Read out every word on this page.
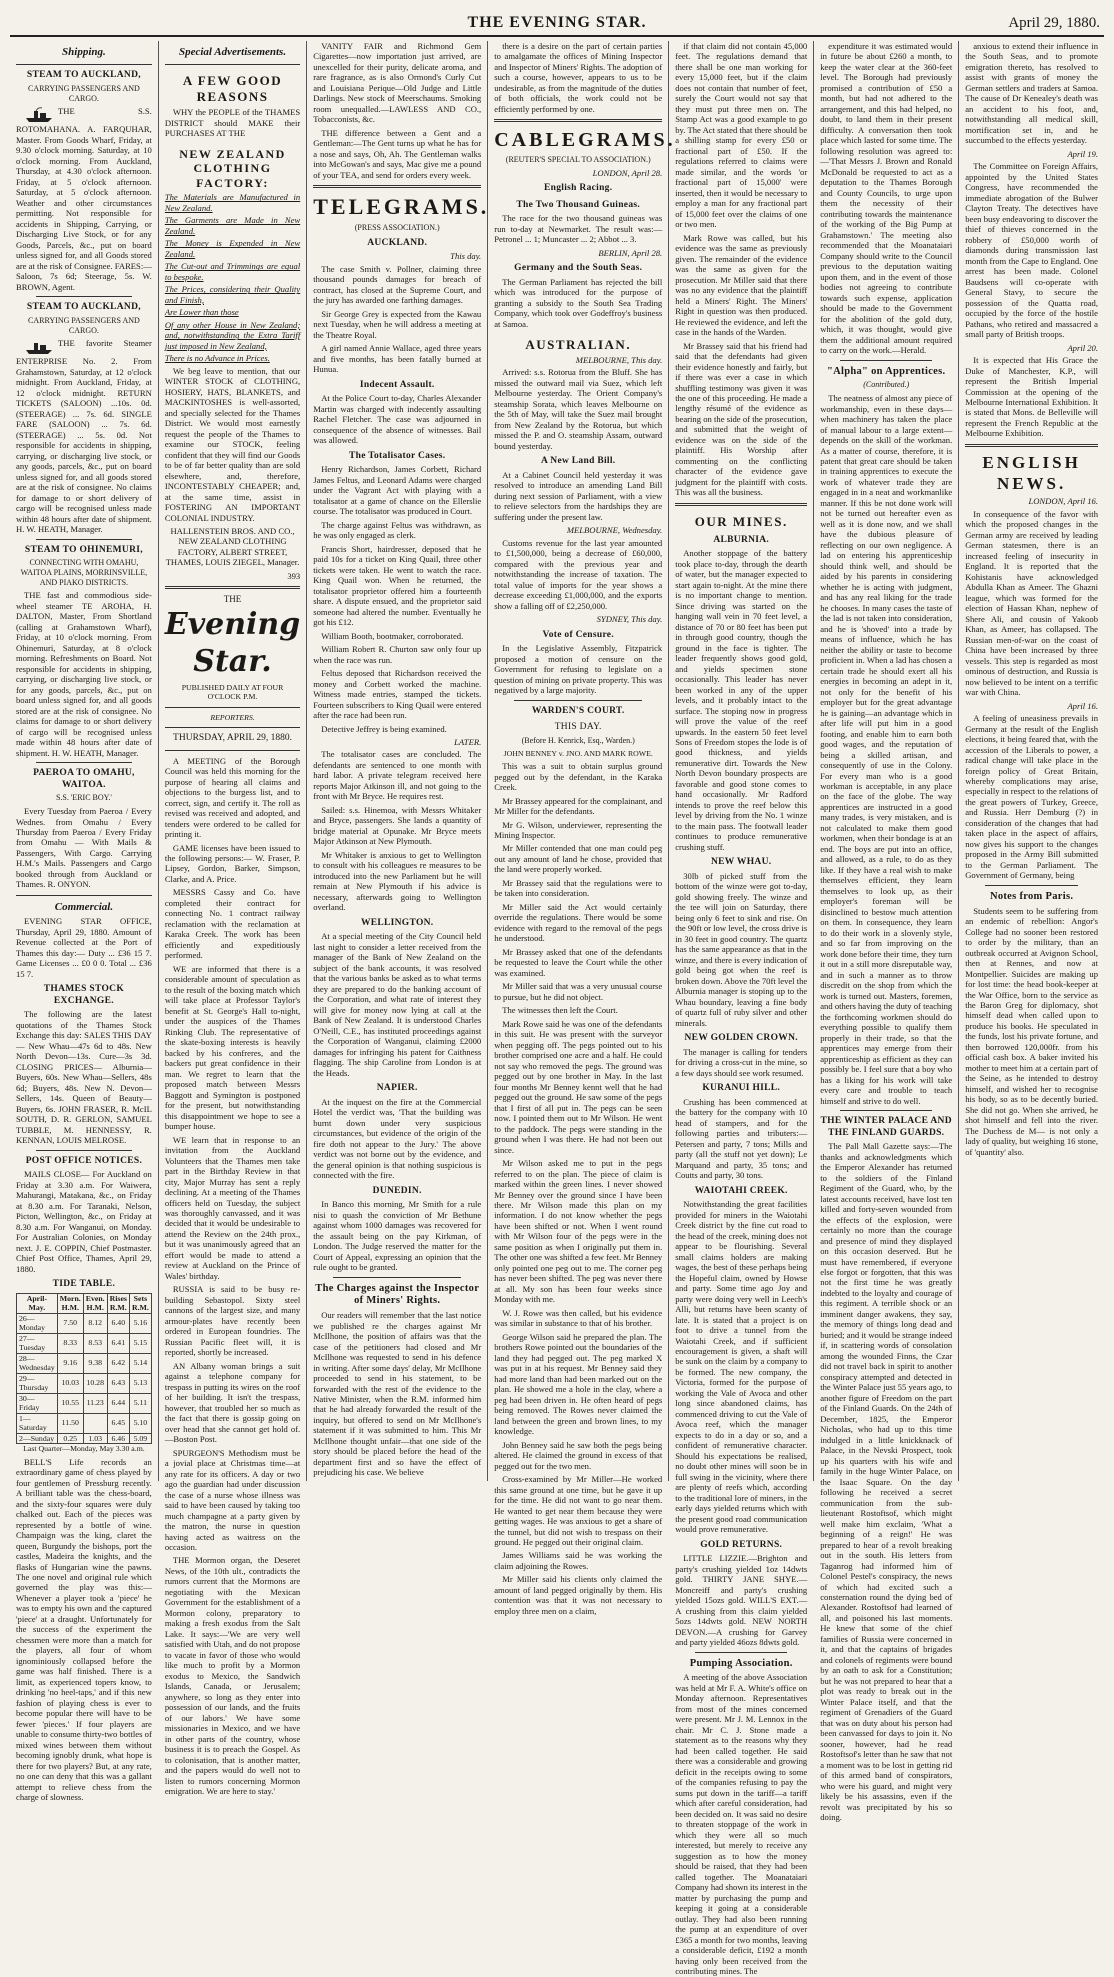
THE EVENING STAR.	April 29, 1880.
Shipping.
STEAM TO AUCKLAND,
CARRYING PASSENGERS AND CARGO.

THE S.S. ROTOMAHANA. A. FARQUHAR, Master. From Goods Wharf, Friday, at 9.30 o'clock morning. Saturday, at 10 o'clock morning. From Auckland, Thursday, at 4.30 o'clock afternoon. Friday, at 5 o'clock afternoon. Saturday, at 5 o'clock afternoon. Weather and other circumstances permitting. Not responsible for accidents in Shipping, Carrying, or Discharging Live Stock, or for any Goods, Parcels, &c., put on board unless signed for, and all Goods stored are at the risk of Consignee. FARES:—Saloon, 7s 6d; Steerage, 5s. W. BROWN, Agent.

STEAM TO AUCKLAND,
CARRYING PASSENGERS AND CARGO.

THE favorite Steamer ENTERPRISE No. 2. From Grahamstown, Saturday, at 12 o'clock midnight. From Auckland, Friday, at 12 o'clock midnight. RETURN TICKETS (SALOON) ...10s. 0d. (STEERAGE) ... 7s. 6d. SINGLE FARE (SALOON) ... 7s. 6d. (STEERAGE) ... 5s. 0d. Not responsible for accidents in shipping, carrying, or discharging live stock, or any goods, parcels, &c., put on board unless signed for, and all goods stored are at the risk of consignee. No claims for damage to or short delivery of cargo will be recognised unless made within 48 hours after date of shipment. H. W. HEATH, Manager.

STEAM TO OHINEMURI,
CONNECTING WITH OMAHU, WAITOA PLAINS, MORRINSVILLE, AND PIAKO DISTRICTS.

THE fast and commodious side-wheel steamer TE AROHA, H. DALTON, Master, From Shortland (calling at Grahamstown Wharf), Friday, at 10 o'clock morning. From Ohinemuri, Saturday, at 8 o'clock morning. Refreshments on Board. Not responsible for accidents in shipping, carrying, or discharging live stock, or for any goods, parcels, &c., put on board unless signed for, and all goods stored are at the risk of consignee. No claims for damage to or short delivery of cargo will be recognised unless made within 48 hours after date of shipment. H. W. HEATH, Manager.

PAEROA TO OMAHU, WAITOA.
S.S. 'ERIC BOY.'

Every Tuesday from Paeroa / Every Wednes. from Omahu / Every Thursday from Paeroa / Every Friday from Omahu — With Mails & Passengers, With Cargo. Carrying H.M.'s Mails. Passengers and Cargo booked through from Auckland or Thames. R. ONYON.

Commercial.

EVENING STAR OFFICE, Thursday, April 29, 1880. Amount of Revenue collected at the Port of Thames this day:— Duty ... £36 15 7. Game Licenses ... £0 0 0. Total ... £36 15 7.

THAMES STOCK EXCHANGE.

The following are the latest quotations of the Thames Stock Exchange this day: SALES THIS DAY— New Whau—47s 6d to 48s. New North Devon—13s. Cure—3s 3d. CLOSING PRICES— Alburnia—Buyers, 60s. New Whau—Sellers, 48s 6d; Buyers, 48s. New N. Devon—Sellers, 14s. Queen of Beauty—Buyers, 6s. JOHN FRASER, R. McIL SOUTH, D. R. GERLON, SAMUEL TUBBLE, M. HENNESSY, R. KENNAN, LOUIS MELROSE.

POST OFFICE NOTICES.

MAILS CLOSE— For Auckland on Friday at 3.30 a.m. For Waiwera, Mahurangi, Matakana, &c., on Friday at 8.30 a.m. For Taranaki, Nelson, Picton, Wellington, &c., on Friday at 8.30 a.m. For Wanganui, on Monday. For Australian Colonies, on Monday next. J. E. COPPIN, Chief Postmaster. Chief Post Office, Thames, April 29, 1880.

TIDE TABLE.
April-May.	Morn. H.M.	Even. H.M.	Rises R.M.	Sets R.M.
26—Monday	7.50	8.12	6.40	5.16
27—Tuesday	8.33	8.53	6.41	5.15
28—Wednesday	9.16	9.38	6.42	5.14
29—Thursday	10.03	10.28	6.43	5.13
30—Friday	10.55	11.23	6.44	5.11
1—Saturday	11.50		6.45	5.10
2—Sunday	0.25	1.03	6.46	5.09
Last Quarter—Monday, May 3.30 a.m.

BELL'S Life records an extraordinary game of chess played by four gentlemen of Pressburg recently. A brilliant table was the chess-board, and the sixty-four squares were duly chalked out. Each of the pieces was represented by a bottle of wine. Champaign was the king, claret the queen, Burgundy the bishops, port the castles, Madeira the knights, and the flasks of Hungarian wine the pawns. The one novel and original rule which governed the play was this:—Whenever a player took a 'piece' he was to empty his own and the captured 'piece' at a draught. Unfortunately for the success of the experiment the chessmen were more than a match for the players, all four of whom ignominiously collapsed before the game was half finished. There is a limit, as experienced topers know, to drinking 'no heel-taps,' and if this new fashion of playing chess is ever to become popular there will have to be fewer 'pieces.' If four players are unable to consume thirty-two bottles of mixed wines between them without becoming ignobly drunk, what hope is there for two players? But, at any rate, no one can deny that this was a gallant attempt to relieve chess from the charge of slowness.

Special Advertisements.
A FEW GOOD REASONS

WHY the PEOPLE of the THAMES DISTRICT should MAKE their PURCHASES AT THE

NEW ZEALAND CLOTHING FACTORY:
The Materials are Manufactured in New Zealand.
The Garments are Made in New Zealand.
The Money is Expended in New Zealand.
The Cut-out and Trimmings are equal to bespoke.
The Prices, considering their Quality and Finish,
Are Lower than those
Of any other House in New Zealand; and, notwithstanding the Extra Tariff just imposed in New Zealand,
There is no Advance in Prices.

We beg leave to mention, that our WINTER STOCK of CLOTHING, HOSIERY, HATS, BLANKETS, and MACKINTOSHES is well-assorted, and specially selected for the Thames District. We would most earnestly request the people of the Thames to examine our STOCK, feeling confident that they will find our Goods to be of far better quality than are sold elsewhere, and, therefore, INCONTESTABLY CHEAPER; and, at the same time, assist in FOSTERING AN IMPORTANT COLONIAL INDUSTRY.

HALLENSTEIN BROS. AND CO., NEW ZEALAND CLOTHING FACTORY, ALBERT STREET, THAMES, LOUIS ZIEGEL, Manager.

393
THE
Evening Star.
PUBLISHED DAILY AT FOUR O'CLOCK P.M.
REPORTERS.
THURSDAY, APRIL 29, 1880.

A MEETING of the Borough Council was held this morning for the purpose of hearing all claims and objections to the burgess list, and to correct, sign, and certify it. The roll as revised was received and adopted, and tenders were ordered to be called for printing it.

GAME licenses have been issued to the following persons:— W. Fraser, P. Lipsey, Gordon, Barker, Simpson, Clarke, and A. Price.

MESSRS Cassy and Co. have completed their contract for connecting No. 1 contract railway reclamation with the reclamation at Karaka Creek. The work has been efficiently and expeditiously performed.

WE are informed that there is a considerable amount of speculation as to the result of the boxing match which will take place at Professor Taylor's benefit at St. George's Hall to-night, under the auspices of the Thames Rinking Club. The representative of the skate-boxing interests is heavily backed by his confreres, and the backers put great confidence in their man. We regret to learn that the proposed match between Messrs Baggott and Symington is postponed for the present, but notwithstanding this disappointment we hope to see a bumper house.

WE learn that in response to an invitation from the Auckland Volunteers that the Thames men take part in the Birthday Review in that city, Major Murray has sent a reply declining. At a meeting of the Thames officers held on Tuesday, the subject was thoroughly canvassed, and it was decided that it would be undesirable to attend the Review on the 24th prox., but it was unanimously agreed that an effort would be made to attend a review at Auckland on the Prince of Wales' birthday.

RUSSIA is said to be busy re-building Sebastopol. Sixty steel cannons of the largest size, and many armour-plates have recently been ordered in European foundries. The Russian Pacific fleet will, it is reported, shortly be increased.

AN Albany woman brings a suit against a telephone company for trespass in putting its wires on the roof of her building. It isn't the trespass, however, that troubled her so much as the fact that there is gossip going on over head that she cannot get hold of.—Boston Post.

SPURGEON'S Methodism must be a jovial place at Christmas time—at any rate for its officers. A day or two ago the guardian had under discussion the case of a nurse whose illness was said to have been caused by taking too much champagne at a party given by the matron, the nurse in question having acted as waitress on the occasion.

THE Mormon organ, the Deseret News, of the 10th ult., contradicts the rumors current that the Mormons are negotiating with the Mexican Government for the establishment of a Mormon colony, preparatory to making a fresh exodus from the Salt Lake. It says:—'We are very well satisfied with Utah, and do not propose to vacate in favor of those who would like much to profit by a Mormon exodus to Mexico, the Sandwich Islands, Canada, or Jerusalem; anywhere, so long as they enter into possession of our lands, and the fruits of our labors.' We have some missionaries in Mexico, and we have in other parts of the country, whose business it is to preach the Gospel. As to colonisation, that is another matter, and the papers would do well not to listen to rumors concerning Mormon emigration. We are here to stay.'

VANITY FAIR and Richmond Gem Cigarettes—now importation just arrived, are unexcelled for their purity, delicate aroma, and rare fragrance, as is also Ormond's Curly Cut and Louisiana Perique—Old Judge and Little Darlings. New stock of Meerschaums. Smoking room unequalled.—LAWLESS AND CO., Tobacconists, &c.

THE difference between a Gent and a Gentleman:—The Gent turns up what he has for a nose and says, Oh, Ah. The Gentleman walks into McGowan's and says, Mac give me a pound of your TEA, and send for orders every week.

TELEGRAMS.
(PRESS ASSOCIATION.)
AUCKLAND.
This day.

The case Smith v. Pollner, claiming three thousand pounds damages for breach of contract, has closed at the Supreme Court, and the jury has awarded one farthing damages.

Sir George Grey is expected from the Kawau next Tuesday, when he will address a meeting at the Theatre Royal.

A girl named Annie Wallace, aged three years and five months, has been fatally burned at Hunua.

Indecent Assault.

At the Police Court to-day, Charles Alexander Martin was charged with indecently assaulting Rachel Fletcher. The case was adjourned in consequence of the absence of witnesses. Bail was allowed.

The Totalisator Cases.

Henry Richardson, James Corbett, Richard James Feltus, and Leonard Adams were charged under the Vagrant Act with playing with a totalisator at a game of chance on the Ellerslie course. The totalisator was produced in Court.

The charge against Feltus was withdrawn, as he was only engaged as clerk.

Francis Short, hairdresser, deposed that he paid 10s for a ticket on King Quail, three other tickets were taken. He went to watch the race. King Quail won. When he returned, the totalisator proprietor offered him a fourteenth share. A dispute ensued, and the proprietor said someone had altered the number. Eventually he got his £12.

William Booth, bootmaker, corroborated.

William Robert R. Churton saw only four up when the race was run.

Feltus deposed that Richardson received the money and Corbett worked the machine. Witness made entries, stamped the tickets. Fourteen subscribers to King Quail were entered after the race had been run.

Detective Jeffrey is being examined.

LATER.

The totalisator cases are concluded. The defendants are sentenced to one month with hard labor. A private telegram received here reports Major Atkinson ill, and not going to the front with Mr Bryce. He requires rest.

Sailed: s.s. Hinemoa, with Messrs Whitaker and Bryce, passengers. She lands a quantity of bridge material at Opunake. Mr Bryce meets Major Atkinson at New Plymouth.

Mr Whitaker is anxious to get to Wellington to consult with his colleagues re measures to be introduced into the new Parliament but he will remain at New Plymouth if his advice is necessary, afterwards going to Wellington overland.

WELLINGTON.

At a special meeting of the City Council held last night to consider a letter received from the manager of the Bank of New Zealand on the subject of the bank accounts, it was resolved that the various banks be asked as to what terms they are prepared to do the banking account of the Corporation, and what rate of interest they will give for money now lying at call at the Bank of New Zealand. It is understood Charles O'Neill, C.E., has instituted proceedings against the Corporation of Wanganui, claiming £2000 damages for infringing his patent for Caithness flagging. The ship Caroline from London is at the Heads.

NAPIER.

At the inquest on the fire at the Commercial Hotel the verdict was, 'That the building was burnt down under very suspicious circumstances, but evidence of the origin of the fire doth not appear to the Jury.' The above verdict was not borne out by the evidence, and the general opinion is that nothing suspicious is connected with the fire.

DUNEDIN.

In Banco this morning, Mr Smith for a rule nisi to quash the conviction of Mr Bethune against whom 1000 damages was recovered for the assault being on the pay Kirkman, of London. The Judge reserved the matter for the Court of Appeal, expressing an opinion that the rule ought to be granted.

The Charges against the Inspector of Miners' Rights.

Our readers will remember that the last notice we published re the charges against Mr McIlhone, the position of affairs was that the case of the petitioners had closed and Mr McIlhone was requested to send in his defence in writing. After some days' delay, Mr McIlhone proceeded to send in his statement, to be forwarded with the rest of the evidence to the Native Minister, when the R.M. informed him that he had already forwarded the result of the inquiry, but offered to send on Mr McIlhone's statement if it was submitted to him. This Mr McIlhone thought unfair—that one side of the story should be placed before the head of the department first and so have the effect of prejudicing his case. We believe

there is a desire on the part of certain parties to amalgamate the offices of Mining Inspector and Inspector of Miners' Rights. The adoption of such a course, however, appears to us to be undesirable, as from the magnitude of the duties of both officials, the work could not be efficiently performed by one.

CABLEGRAMS.
(REUTER'S SPECIAL TO ASSOCIATION.)
LONDON, April 28.
English Racing.
The Two Thousand Guineas.

The race for the two thousand guineas was run to-day at Newmarket. The result was:— Petronel ... 1; Muncaster ... 2; Abbot ... 3.

BERLIN, April 28.
Germany and the South Seas.

The German Parliament has rejected the bill which was introduced for the purpose of granting a subsidy to the South Sea Trading Company, which took over Godeffroy's business at Samoa.

AUSTRALIAN.
MELBOURNE, This day.

Arrived: s.s. Rotorua from the Bluff. She has missed the outward mail via Suez, which left Melbourne yesterday. The Orient Company's steamship Sorata, which leaves Melbourne on the 5th of May, will take the Suez mail brought from New Zealand by the Rotorua, but which missed the P. and O. steamship Assam, outward bound yesterday.

A New Land Bill.

At a Cabinet Council held yesterday it was resolved to introduce an amending Land Bill during next session of Parliament, with a view to relieve selectors from the hardships they are suffering under the present law.

MELBOURNE, Wednesday.

Customs revenue for the last year amounted to £1,500,000, being a decrease of £60,000, compared with the previous year and notwithstanding the increase of taxation. The total value of imports for the year shows a decrease exceeding £1,000,000, and the exports show a falling off of £2,250,000.

SYDNEY, This day.
Vote of Censure.

In the Legislative Assembly, Fitzpatrick proposed a motion of censure on the Government for refusing to legislate on a question of mining on private property. This was negatived by a large majority.

WARDEN'S COURT.
THIS DAY.
(Before H. Kenrick, Esq., Warden.)
JOHN BENNEY v. JNO. AND MARK ROWE.

This was a suit to obtain surplus ground pegged out by the defendant, in the Karaka Creek.

Mr Brassey appeared for the complainant, and Mr Miller for the defendants.

Mr G. Wilson, underviewer, representing the Mining Inspector.

Mr Miller contended that one man could peg out any amount of land he chose, provided that the land were properly worked.

Mr Brassey said that the regulations were to be taken into consideration.

Mr Miller said the Act would certainly override the regulations. There would be some evidence with regard to the removal of the pegs he understood.

Mr Brassey asked that one of the defendants be requested to leave the Court while the other was examined.

Mr Miller said that was a very unusual course to pursue, but he did not object.

The witnesses then left the Court.

Mark Rowe said he was one of the defendants in this suit. He was present with the surveyor when pegging off. The pegs pointed out to his brother comprised one acre and a half. He could not say who removed the pegs. The ground was pegged out by one brother in May. In the last four months Mr Benney kennt well that he had pegged out the ground. He saw some of the pegs that I first of all put in. The pegs can be seen now. I pointed them out to Mr Wilson. He went to the paddock. The pegs were standing in the ground when I was there. He had not been out since.

Mr Wilson asked me to put in the pegs referred to on the plan. The piece of claim is marked within the green lines. I never showed Mr Benney over the ground since I have been there. Mr Wilson made this plan on my information. I do not know whether the pegs have been shifted or not. When I went round with Mr Wilson four of the pegs were in the same position as when I originally put them in. The other one was shifted a few feet. Mr Benney only pointed one peg out to me. The corner peg has never been shifted. The peg was never there at all. My son has been four weeks since Monday with me.

W. J. Rowe was then called, but his evidence was similar in substance to that of his brother.

George Wilson said he prepared the plan. The brothers Rowe pointed out the boundaries of the land they had pegged out. The peg marked X was put in at his request. Mr Benney said they had more land than had been marked out on the plan. He showed me a hole in the clay, where a peg had been driven in. He often heard of pegs being removed. The Rowes never claimed the land between the green and brown lines, to my knowledge.

John Benney said he saw both the pegs being altered. He claimed the ground in excess of that pegged out for the two men.

Cross-examined by Mr Miller—He worked this same ground at one time, but he gave it up for the time. He did not want to go near them. He wanted to get near them because they were getting wages. He was anxious to get a share of the tunnel, but did not wish to trespass on their ground. He pegged out their original claim.

James Williams said he was working the claim adjoining the Rowes.

Mr Miller said his clients only claimed the amount of land pegged originally by them. His contention was that it was not necessary to employ three men on a claim,

if that claim did not contain 45,000 feet. The regulations demand that there shall be one man working for every 15,000 feet, but if the claim does not contain that number of feet, surely the Court would not say that they must put three men on. The Stamp Act was a good example to go by. The Act stated that there should be a shilling stamp for every £50 or fractional part of £50. If the regulations referred to claims were made similar, and the words 'or fractional part of 15,000' were inserted, then it would be necessary to employ a man for any fractional part of 15,000 feet over the claims of one or two men.

Mark Rowe was called, but his evidence was the same as previously given. The remainder of the evidence was the same as given for the prosecution. Mr Miller said that there was no any evidence that the plaintiff held a Miners' Right. The Miners' Right in question was then produced. He reviewed the evidence, and left the case in the hands of the Warden.

Mr Brassey said that his friend had said that the defendants had given their evidence honestly and fairly, but if there was ever a case in which shuffling testimony was given it was the one of this proceeding. He made a lengthy résumé of the evidence as bearing on the side of the prosecution, and submitted that the weight of evidence was on the side of the plaintiff. His Worship after commenting on the conflicting character of the evidence gave judgment for the plaintiff with costs. This was all the business.

OUR MINES.
ALBURNIA.

Another stoppage of the battery took place to-day, through the dearth of water, but the manager expected to start again to-night. At the mine there is no important change to mention. Since driving was started on the hanging wall vein in 70 feet level, a distance of 70 or 80 feet has been put in through good country, though the ground in the face is tighter. The leader frequently shows good gold, and yields specimen stone occasionally. This leader has never been worked in any of the upper levels, and it probably intact to the surface. The stoping now in progress will prove the value of the reef upwards. In the eastern 50 feet level Sons of Freedom stopes the lode is of good thickness, and yields remunerative dirt. Towards the New North Devon boundary prospects are favorable and good stone comes to hand occasionally. Mr Radford intends to prove the reef below this level by driving from the No. 1 winze to the main pass. The footwall leader continues to produce remunerative crushing stuff.

NEW WHAU.

30lb of picked stuff from the bottom of the winze were got to-day, gold showing freely. The winze and the tee will join on Saturday, there being only 6 feet to sink and rise. On the 90ft or low level, the cross drive is in 30 feet in good country. The quartz has the same appearance as that in the winze, and there is every indication of gold being got when the reef is broken down. Above the 70ft level the Alburnia manager is stoping up to the Whau boundary, leaving a fine body of quartz full of ruby silver and other minerals.

NEW GOLDEN CROWN.

The manager is calling for tenders for driving a cross-cut in the mine, so a few days should see work resumed.

KURANUI HILL.

Crushing has been commenced at the battery for the company with 10 head of stampers, and for the following parties and tributers:—Petersen and party, 7 tons; Mills and party (all the stuff not yet down); Le Marquand and party, 35 tons; and Coutts and party, 30 tons.

WAIOTAHI CREEK.

Notwithstanding the great facilities provided for miners in the Waiotahi Creek district by the fine cut road to the head of the creek, mining does not appear to be flourishing. Several small claims holders are making wages, the best of these perhaps being the Hopeful claim, owned by Howse and party. Some time ago Joy and party were doing very well in Leech's Alli, but returns have been scanty of late. It is stated that a project is on foot to drive a tunnel from the Waiotahi Creek, and if sufficient encouragement is given, a shaft will be sunk on the claim by a company to be formed. The new company, the Victoria, formed for the purpose of working the Vale of Avoca and other long since abandoned claims, has commenced driving to cut the Vale of Avoca reef, which the manager expects to do in a day or so, and a confident of remunerative character. Should his expectations be realised, no doubt other mines will soon be in full swing in the vicinity, where there are plenty of reefs which, according to the traditional lore of miners, in the early days yielded returns which with the present good road communication would prove remunerative.

GOLD RETURNS.

LITTLE LIZZIE.—Brighton and party's crushing yielded 1oz 14dwts gold. THIRTY JANE SHYE.—Moncreiff and party's crushing yielded 15ozs gold. WILL'S EXT.—A crushing from this claim yielded 5ozs 14dwts gold. NEW NORTH DEVON.—A crushing for Garvey and party yielded 46ozs 8dwts gold.

Pumping Association.

A meeting of the above Association was held at Mr F. A. White's office on Monday afternoon. Representatives from most of the mines concerned were present. Mr J. M. Lennox in the chair. Mr C. J. Stone made a statement as to the reasons why they had been called together. He said there was a considerable and growing deficit in the receipts owing to some of the companies refusing to pay the sums put down in the tariff—a tariff which after careful consideration, had been decided on. It was said no desire to threaten stoppage of the work in which they were all so much interested, but merely to receive any suggestion as to how the money should be raised, that they had been called together. The Moanataiari Company had shown its interest in the matter by purchasing the pump and keeping it going at a considerable outlay. They had also been running the pump at an expenditure of over £365 a month for two months, leaving a considerable deficit, £192 a month having only been received from the contributing mines. The

expenditure it was estimated would in future be about £260 a month, to keep the water clear at the 360-feet level. The Borough had previously promised a contribution of £50 a month, but had not adhered to the arrangement, and this had helped, no doubt, to land them in their present difficulty. A conversation then took place which lasted for some time. The following resolution was agreed to:—'That Messrs J. Brown and Ronald McDonald be requested to act as a deputation to the Thames Borough and County Councils, to urge upon them the necessity of their contributing towards the maintenance of the working of the Big Pump at Grahamstown.' The meeting also recommended that the Moanataiari Company should write to the Council previous to the deputation waiting upon them, and in the event of those bodies not agreeing to contribute towards such expense, application should be made to the Government for the abolition of the gold duty, which, it was thought, would give them the additional amount required to carry on the work.—Herald.

"Alpha" on Apprentices.
(Contributed.)

The neatness of almost any piece of workmanship, even in these days—when machinery has taken the place of manual labour to a large extent—depends on the skill of the workman. As a matter of course, therefore, it is patent that great care should be taken in training apprentices to execute the work of whatever trade they are engaged in in a neat and workmanlike manner. If this be not done work will not be turned out hereafter even as well as it is done now, and we shall have the dubious pleasure of reflecting on our own negligence. A lad on entering his apprenticeship should think well, and should be aided by his parents in considering whether he is acting with judgment, and has any real liking for the trade he chooses. In many cases the taste of the lad is not taken into consideration, and he is 'shoved' into a trade by means of influence, which he has neither the ability or taste to become proficient in. When a lad has chosen a certain trade he should exert all his energies in becoming an adept in it, not only for the benefit of his employer but for the great advantage he is gaining—an advantage which in after life will put him in a good footing, and enable him to earn both good wages, and the reputation of being a skilled artisan, and consequently of use in the Colony. For every man who is a good workman is acceptable, in any place on the face of the globe. The way apprentices are instructed in a good many trades, is very mistaken, and is not calculated to make them good workmen, when their bondage is at an end. The boys are put into an office, and allowed, as a rule, to do as they like. If they have a real wish to make themselves efficient, they learn themselves to look up, as their employer's foreman will be disinclined to bestow much attention on them. In consequence, they learn to do their work in a slovenly style, and so far from improving on the work done before their time, they turn it out in a still more disreputable way, and in such a manner as to throw discredit on the shop from which the work is turned out. Masters, foremen, and others having the duty of teaching the forthcoming workmen should do everything possible to qualify them properly in their trade, so that the apprentices may emerge from their apprenticeship as efficient as they can possibly be. I feel sure that a boy who has a liking for his work will take every care and trouble to teach himself and strive to do well.

THE WINTER PALACE AND THE FINLAND GUARDS.

The Pall Mall Gazette says:—The thanks and acknowledgments which the Emperor Alexander has returned to the soldiers of the Finland Regiment of the Guard, who, by the latest accounts received, have lost ten killed and forty-seven wounded from the effects of the explosion, were certainly no more than the courage and presence of mind they displayed on this occasion deserved. But he must have remembered, if everyone else forgot or forgotten, that this was not the first time he was greatly indebted to the loyalty and courage of this regiment. A terrible shock or an imminent danger awakens, they say, the memory of things long dead and buried; and it would be strange indeed if, in scattering words of consolation among the wounded Finns, the Czar did not travel back in spirit to another conspiracy attempted and detected in the Winter Palace just 55 years ago, to another figure of Freedom on the part of the Finland Guards. On the 24th of December, 1825, the Emperor Nicholas, who had up to this time indulged in a little knickknack of Palace, in the Nevski Prospect, took up his quarters with his wife and family in the huge Winter Palace, on the Isaac Square. On the day following he received a secret communication from the sub-lieutenant Rostoftsof, which might well make him exclaim, 'What a beginning of a reign!' He was prepared to hear of a revolt breaking out in the south. His letters from Taganrog had informed him of Colonel Pestel's conspiracy, the news of which had excited such a consternation round the dying bed of Alexander. Rostoftsof had learned of all, and poisoned his last moments. He knew that some of the chief families of Russia were concerned in it, and that the captains of brigades and colonels of regiments were bound by an oath to ask for a Constitution; but he was not prepared to hear that a plot was ready to break out in the Winter Palace itself, and that the regiment of Grenadiers of the Guard that was on duty about his person had been canvassed for days to join it. No sooner, however, had he read Rostoftsof's letter than he saw that not a moment was to be lost in getting rid of this armed band of conspirators, who were his guard, and might very likely be his assassins, even if the revolt was precipitated by his so doing.

anxious to extend their influence in the South Seas, and to promote emigration thereto, has resolved to assist with grants of money the German settlers and traders at Samoa. The cause of Dr Kenealey's death was an accident to his foot, and, notwithstanding all medical skill, mortification set in, and he succumbed to the effects yesterday.

April 19.

The Committee on Foreign Affairs, appointed by the United States Congress, have recommended the immediate abrogation of the Bulwer Clayton Treaty. The detectives have been busy endeavoring to discover the thief of thieves concerned in the robbery of £50,000 worth of diamonds during transmission last month from the Cape to England. One arrest has been made. Colonel Baudsens will co-operate with General Stavy, to secure the possession of the Quatta road, occupied by the force of the hostile Pathans, who retired and massacred a small party of British troops.

April 20.

It is expected that His Grace the Duke of Manchester, K.P., will represent the British Imperial Commission at the opening of the Melbourne International Exhibition. It is stated that Mons. de Belleville will represent the French Republic at the Melbourne Exhibition.

ENGLISH NEWS.
LONDON, April 16.

In consequence of the favor with which the proposed changes in the German army are received by leading German statesmen, there is an increased feeling of insecurity in England. It is reported that the Kohistanis have acknowledged Abdulla Khan as Ameer. The Ghazni league, which was formed for the election of Hassan Khan, nephew of Shere Ali, and cousin of Yakoob Khan, as Ameer, has collapsed. The Russian men-of-war on the coast of China have been increased by three vessels. This step is regarded as most ominous of destruction, and Russia is now believed to be intent on a terrific war with China.

April 16.

A feeling of uneasiness prevails in Germany at the result of the English elections, it being feared that, with the accession of the Liberals to power, a radical change will take place in the foreign policy of Great Britain, whereby complications may arise, especially in respect to the relations of the great powers of Turkey, Greece, and Russia. Herr Demburg (?) in consideration of the changes that had taken place in the aspect of affairs, now gives his support to the changes proposed in the Army Bill submitted to the German Parliament. The Government of Germany, being

Notes from Paris.

Students seem to be suffering from an endemic of rebellion: Angor's College had no sooner been restored to order by the military, than an outbreak occurred at Avignon School, then at Rennes, and now at Montpellier. Suicides are making up for lost time: the head book-keeper at the War Office, born to the service as the Baron Greg for diplomacy, shot himself dead when called upon to produce his books. He speculated in the funds, lost his private fortune, and then borrowed 120,000fr. from his official cash box. A baker invited his mother to meet him at a certain part of the Seine, as he intended to destroy himself, and wished her to recognise his body, so as to be decently buried. She did not go. When she arrived, he shot himself and fell into the river. The Duchess de M— is not only a lady of quality, but weighing 16 stone, of 'quantity' also.
